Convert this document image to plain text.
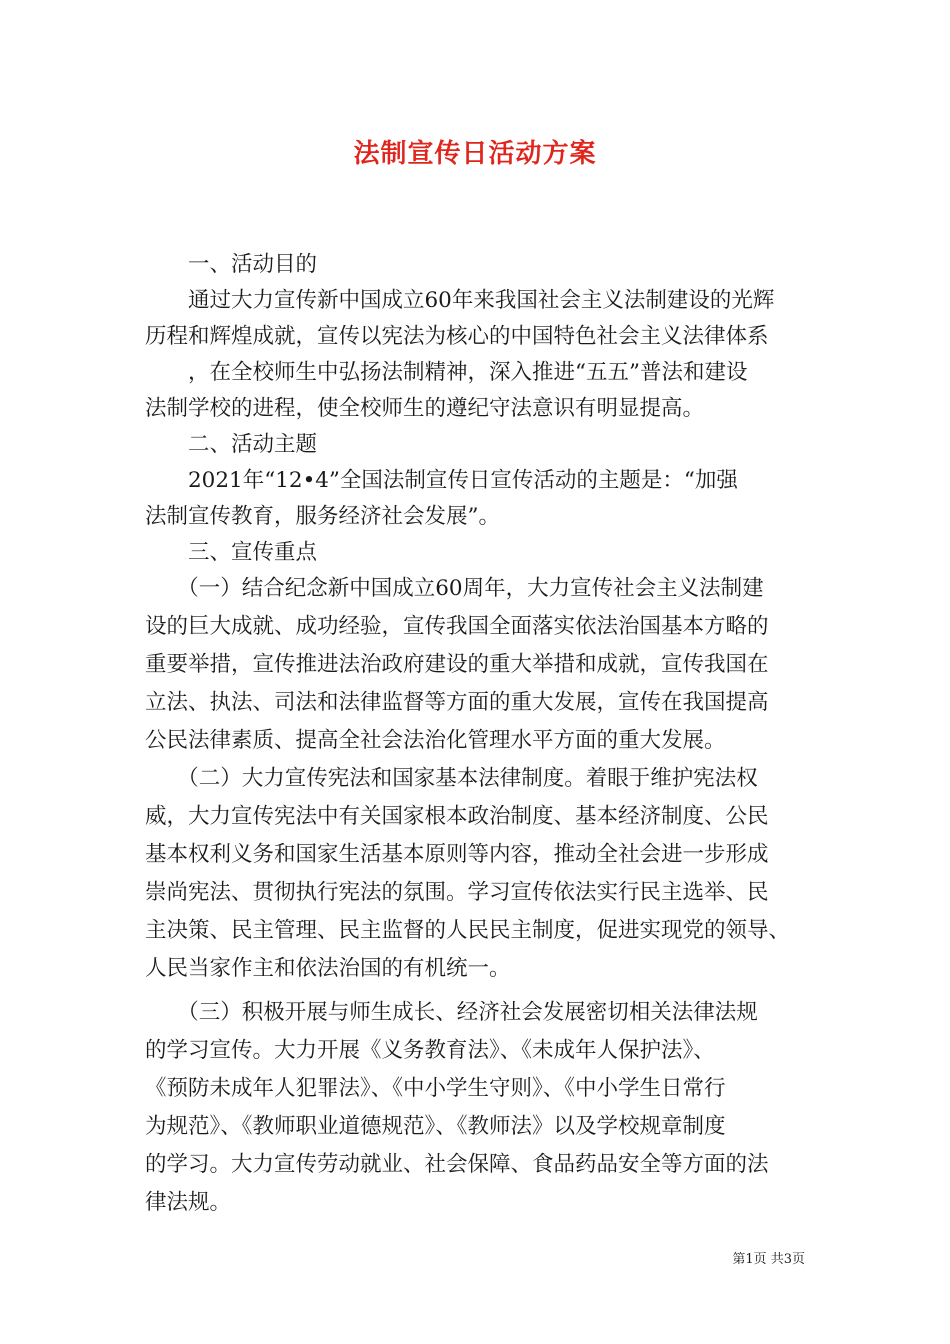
法制宣传日活动方案
　　一、活动目的
　　通过大力宣传新中国成立60年来我国社会主义法制建设的光辉
历程和辉煌成就，宣传以宪法为核心的中国特色社会主义法律体系
　　，在全校师生中弘扬法制精神，深入推进“五五”普法和建设
法制学校的进程，使全校师生的遵纪守法意识有明显提高。
　　二、活动主题
　　2021年“12•4”全国法制宣传日宣传活动的主题是：“加强
法制宣传教育，服务经济社会发展”。
　　三、宣传重点
　　（一）结合纪念新中国成立60周年，大力宣传社会主义法制建
设的巨大成就、成功经验，宣传我国全面落实依法治国基本方略的
重要举措，宣传推进法治政府建设的重大举措和成就，宣传我国在
立法、执法、司法和法律监督等方面的重大发展，宣传在我国提高
公民法律素质、提高全社会法治化管理水平方面的重大发展。
　　（二）大力宣传宪法和国家基本法律制度。着眼于维护宪法权
威，大力宣传宪法中有关国家根本政治制度、基本经济制度、公民
基本权利义务和国家生活基本原则等内容，推动全社会进一步形成
崇尚宪法、贯彻执行宪法的氛围。学习宣传依法实行民主选举、民
主决策、民主管理、民主监督的人民民主制度，促进实现党的领导、
人民当家作主和依法治国的有机统一。
　　（三）积极开展与师生成长、经济社会发展密切相关法律法规
的学习宣传。大力开展《义务教育法》、《未成年人保护法》、
《预防未成年人犯罪法》、《中小学生守则》、《中小学生日常行
为规范》、《教师职业道德规范》、《教师法》以及学校规章制度
的学习。大力宣传劳动就业、社会保障、食品药品安全等方面的法
律法规。
第1页 共3页
